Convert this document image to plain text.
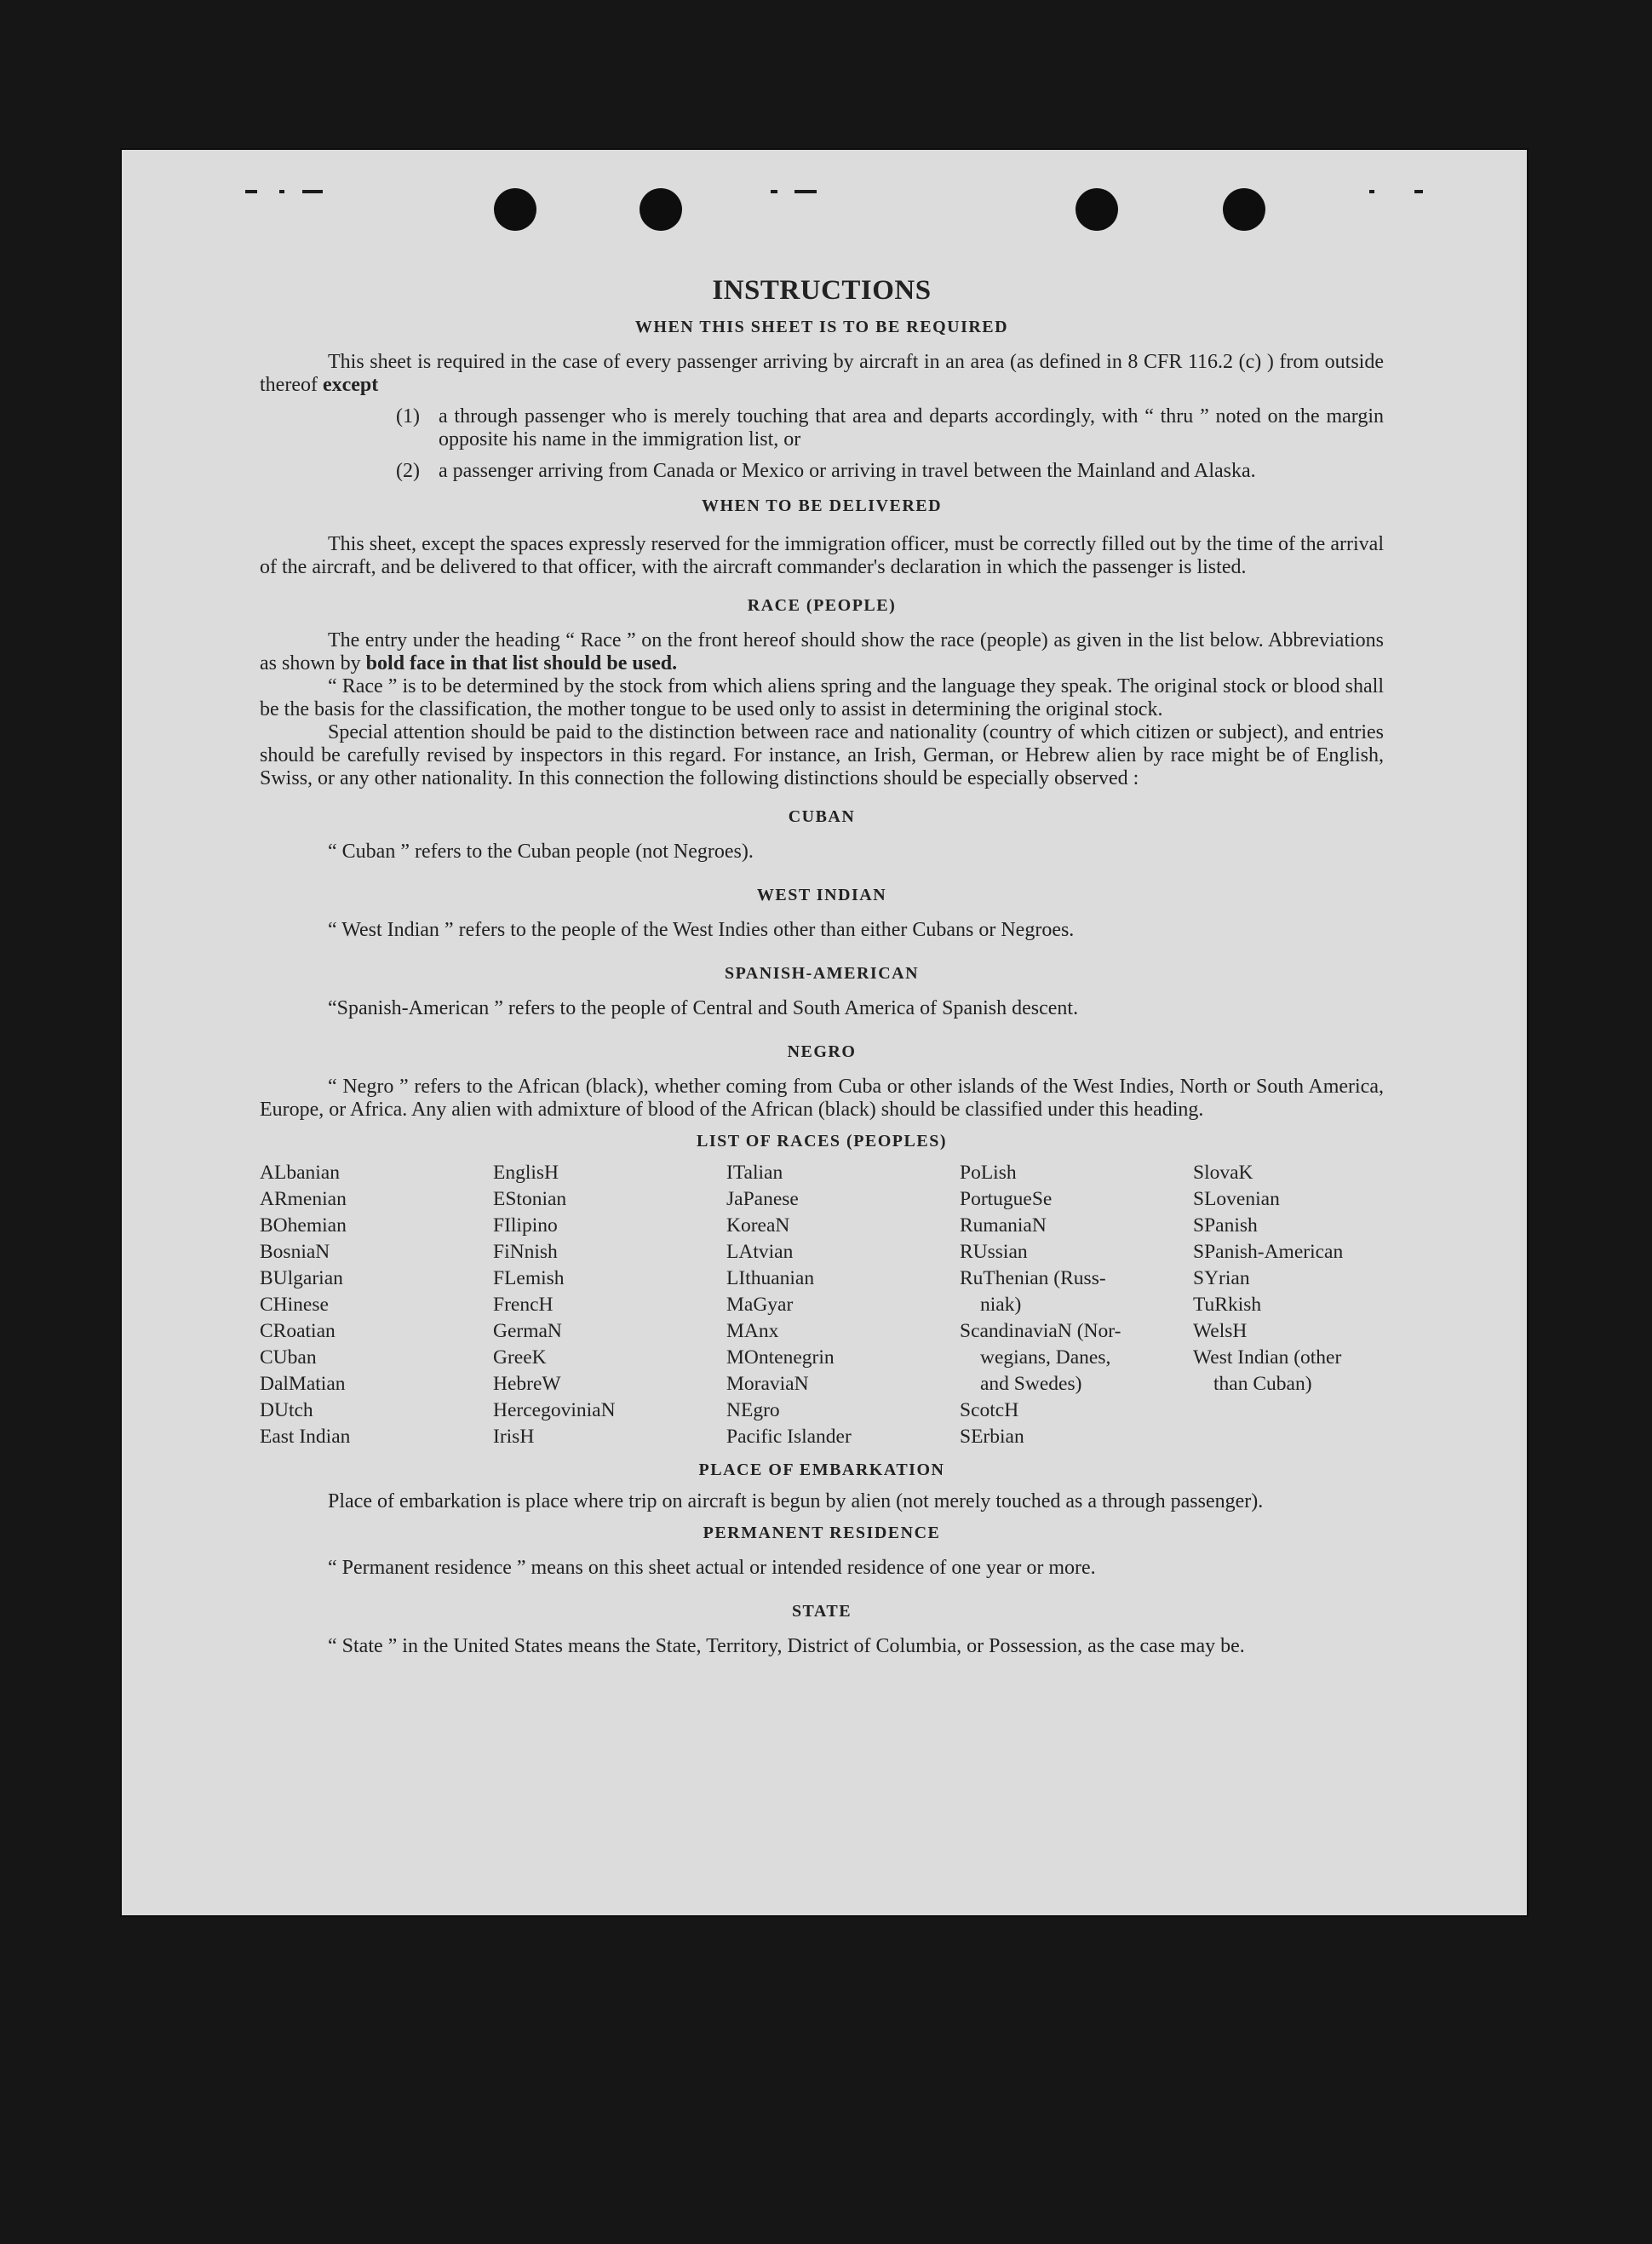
INSTRUCTIONS
WHEN THIS SHEET IS TO BE REQUIRED

This sheet is required in the case of every passenger arriving by aircraft in an area (as defined in 8 CFR 116.2 (c) ) from outside thereof except

(1) a through passenger who is merely touching that area and departs accordingly, with “ thru ” noted on the margin opposite his name in the immigration list, or
(2) a passenger arriving from Canada or Mexico or arriving in travel between the Mainland and Alaska.
WHEN TO BE DELIVERED

This sheet, except the spaces expressly reserved for the immigration officer, must be correctly filled out by the time of the arrival of the aircraft, and be delivered to that officer, with the aircraft commander's declaration in which the passenger is listed.

RACE (PEOPLE)

The entry under the heading “ Race ” on the front hereof should show the race (people) as given in the list below. Abbreviations as shown by bold face in that list should be used.

“ Race ” is to be determined by the stock from which aliens spring and the language they speak. The original stock or blood shall be the basis for the classification, the mother tongue to be used only to assist in determining the original stock.

Special attention should be paid to the distinction between race and nationality (country of which citizen or subject), and entries should be carefully revised by inspectors in this regard. For instance, an Irish, German, or Hebrew alien by race might be of English, Swiss, or any other nationality. In this connection the following distinctions should be especially observed :

CUBAN

“ Cuban ” refers to the Cuban people (not Negroes).

WEST INDIAN

“ West Indian ” refers to the people of the West Indies other than either Cubans or Negroes.

SPANISH-AMERICAN

“Spanish-American ” refers to the people of Central and South America of Spanish descent.

NEGRO

“ Negro ” refers to the African (black), whether coming from Cuba or other islands of the West Indies, North or South America, Europe, or Africa. Any alien with admixture of blood of the African (black) should be classified under this heading.

LIST OF RACES (PEOPLES)
ALbanian
ARmenian
BOhemian
BosniaN
BUlgarian
CHinese
CRoatian
CUban
DalMatian
DUtch
East Indian
EnglisH
EStonian
FIlipino
FiNnish
FLemish
FrencH
GermaN
GreeK
HebreW
HercegoviniaN
IrisH
ITalian
JaPanese
KoreaN
LAtvian
LIthuanian
MaGyar
MAnx
MOntenegrin
MoraviaN
NEgro
Pacific Islander
PoLish
PortugueSe
RumaniaN
RUssian
RuThenian (Russ-
niak)
ScandinaviaN (Nor-
wegians, Danes,
and Swedes)
ScotcH
SErbian
SlovaK
SLovenian
SPanish
SPanish-American
SYrian
TuRkish
WelsH
West Indian (other
than Cuban)
PLACE OF EMBARKATION

Place of embarkation is place where trip on aircraft is begun by alien (not merely touched as a through passenger).

PERMANENT RESIDENCE

“ Permanent residence ” means on this sheet actual or intended residence of one year or more.

STATE

“ State ” in the United States means the State, Territory, District of Columbia, or Possession, as the case may be.
